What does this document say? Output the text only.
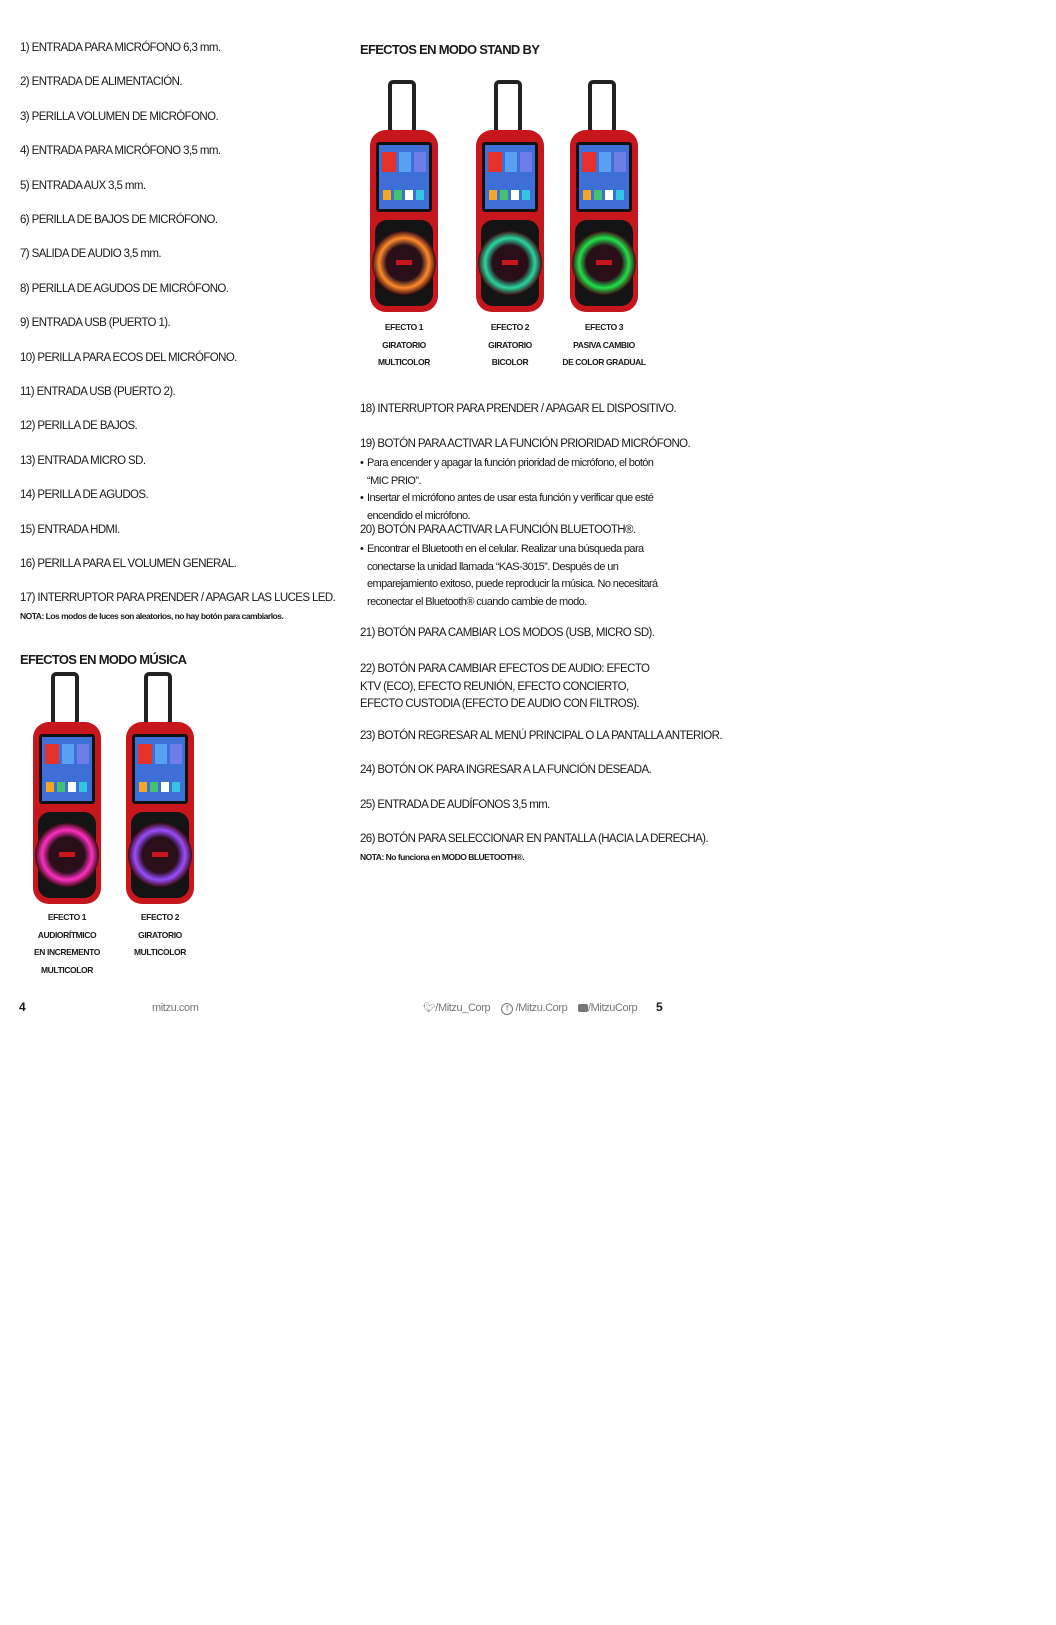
1) ENTRADA PARA MICRÓFONO 6,3 mm.
2) ENTRADA DE ALIMENTACIÓN.
3) PERILLA VOLUMEN DE MICRÓFONO.
4) ENTRADA PARA MICRÓFONO 3,5 mm.
5) ENTRADA AUX 3,5 mm.
6) PERILLA DE BAJOS DE MICRÓFONO.
7) SALIDA DE AUDIO 3,5 mm.
8) PERILLA DE AGUDOS DE MICRÓFONO.
9) ENTRADA USB (PUERTO 1).
10) PERILLA PARA ECOS DEL MICRÓFONO.
11) ENTRADA USB (PUERTO 2).
12) PERILLA DE BAJOS.
13) ENTRADA MICRO SD.
14) PERILLA DE AGUDOS.
15) ENTRADA HDMI.
16) PERILLA PARA EL VOLUMEN GENERAL.
17) INTERRUPTOR PARA PRENDER / APAGAR LAS LUCES LED.
NOTA: Los modos de luces son aleatorios, no hay botón para cambiarlos.
EFECTOS EN MODO MÚSICA
EFECTO 1
AUDIORÍTMICO
EN INCREMENTO
MULTICOLOR
EFECTO 2
GIRATORIO
MULTICOLOR
EFECTOS EN MODO STAND BY
EFECTO 1
GIRATORIO
MULTICOLOR
EFECTO 2
GIRATORIO
BICOLOR
EFECTO 3
PASIVA CAMBIO
DE COLOR GRADUAL
18) INTERRUPTOR PARA PRENDER / APAGAR EL DISPOSITIVO.
19) BOTÓN PARA ACTIVAR LA FUNCIÓN PRIORIDAD MICRÓFONO.
• Para encender y apagar la función prioridad de micrófono, el botón “MIC PRIO”.
• Insertar el micrófono antes de usar esta función y verificar que esté encendido el micrófono.
20) BOTÓN PARA ACTIVAR LA FUNCIÓN BLUETOOTH®.
• Encontrar el Bluetooth en el celular. Realizar una búsqueda para conectarse la unidad llamada “KAS-3015”. Después de un emparejamiento exitoso, puede reproducir la música. No necesitará reconectar el Bluetooth® cuando cambie de modo.
21) BOTÓN PARA CAMBIAR LOS MODOS (USB, MICRO SD).
22) BOTÓN PARA CAMBIAR EFECTOS DE AUDIO: EFECTO KTV (ECO), EFECTO REUNIÓN, EFECTO CONCIERTO, EFECTO CUSTODIA (EFECTO DE AUDIO CON FILTROS).
23) BOTÓN REGRESAR AL MENÚ PRINCIPAL O LA PANTALLA ANTERIOR.
24) BOTÓN OK PARA INGRESAR A LA FUNCIÓN DESEADA.
25) ENTRADA DE AUDÍFONOS 3,5 mm.
26) BOTÓN PARA SELECCIONAR EN PANTALLA (HACIA LA DERECHA).
NOTA: No funciona en MODO BLUETOOTH®.
4	mitzu.com	🐦︎/Mitzu_Corp f /Mitzu.Corp /MitzuCorp 5
